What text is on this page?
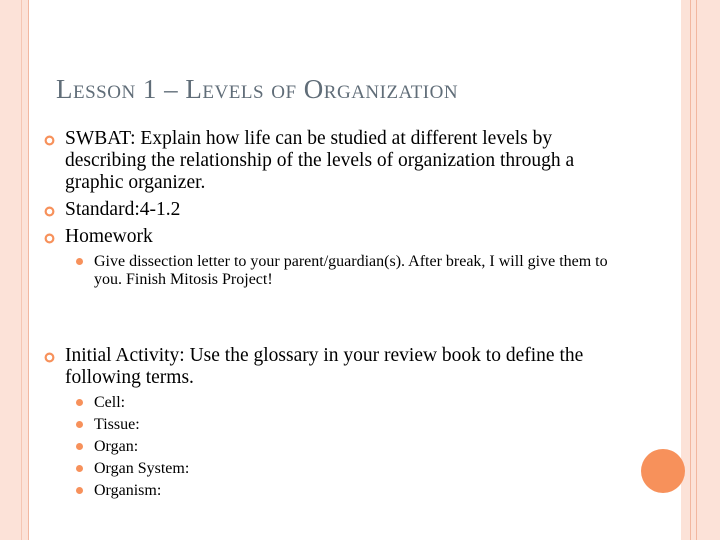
Lesson 1 – Levels of Organization
SWBAT: Explain how life can be studied at different levels by describing the relationship of the levels of organization through a graphic organizer.
Standard:4-1.2
Homework
Give dissection letter to your parent/guardian(s). After break, I will give them to you. Finish Mitosis Project!
Initial Activity: Use the glossary in your review book to define the following terms.
Cell:
Tissue:
Organ:
Organ System:
Organism:
